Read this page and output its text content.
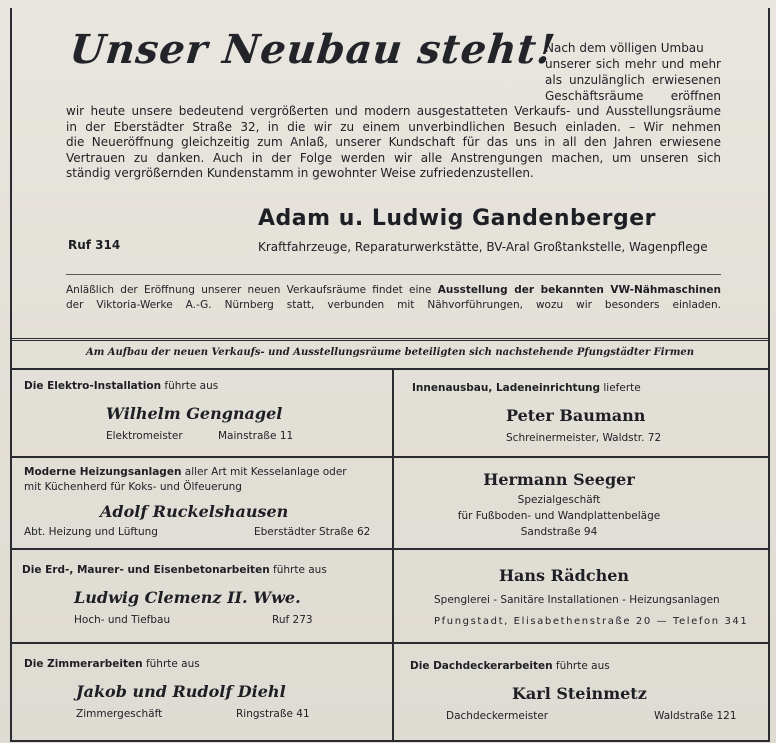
Unser Neubau steht!
Nach dem völligen Umbau
unserer sich mehr und mehr
als unzulänglich erwiesenen
Geschäftsräume eröffnen
wir heute unsere bedeutend vergrößerten und modern ausgestatteten Verkaufs- und Ausstellungsräume
in der Eberstädter Straße 32, in die wir zu einem unverbindlichen Besuch einladen. – Wir nehmen
die Neueröffnung gleichzeitig zum Anlaß, unserer Kundschaft für das uns in all den Jahren erwiesene
Vertrauen zu danken. Auch in der Folge werden wir alle Anstrengungen machen, um unseren sich
ständig vergrößernden Kundenstamm in gewohnter Weise zufriedenzustellen.
Adam u. Ludwig Gandenberger
Ruf 314	Kraftfahrzeuge, Reparaturwerkstätte, BV-Aral Großtankstelle, Wagenpflege
Anläßlich der Eröffnung unserer neuen Verkaufsräume findet eine Ausstellung der bekannten VW-Nähmaschinen
der Viktoria-Werke A.-G. Nürnberg statt, verbunden mit Nähvorführungen, wozu wir besonders einladen.
Am Aufbau der neuen Verkaufs- und Ausstellungsräume beteiligten sich nachstehende Pfungstädter Firmen
Die Elektro-Installation führte aus
Wilhelm Gengnagel
Elektromeister	Mainstraße 11
Innenausbau, Ladeneinrichtung lieferte
Peter Baumann
Schreinermeister, Waldstr. 72
Moderne Heizungsanlagen aller Art mit Kesselanlage oder
mit Küchenherd für Koks- und Ölfeuerung
Adolf Ruckelshausen
Abt. Heizung und Lüftung	Eberstädter Straße 62
Hermann Seeger
Spezialgeschäft
für Fußboden- und Wandplattenbeläge
Sandstraße 94
Die Erd-, Maurer- und Eisenbetonarbeiten führte aus
Ludwig Clemenz II. Wwe.
Hoch- und Tiefbau	Ruf 273
Hans Rädchen
Spenglerei - Sanitäre Installationen - Heizungsanlagen
Pfungstadt, Elisabethenstraße 20 — Telefon 341
Die Zimmerarbeiten führte aus
Jakob und Rudolf Diehl
Zimmergeschäft	Ringstraße 41
Die Dachdeckerarbeiten führte aus
Karl Steinmetz
Dachdeckermeister	Waldstraße 121
